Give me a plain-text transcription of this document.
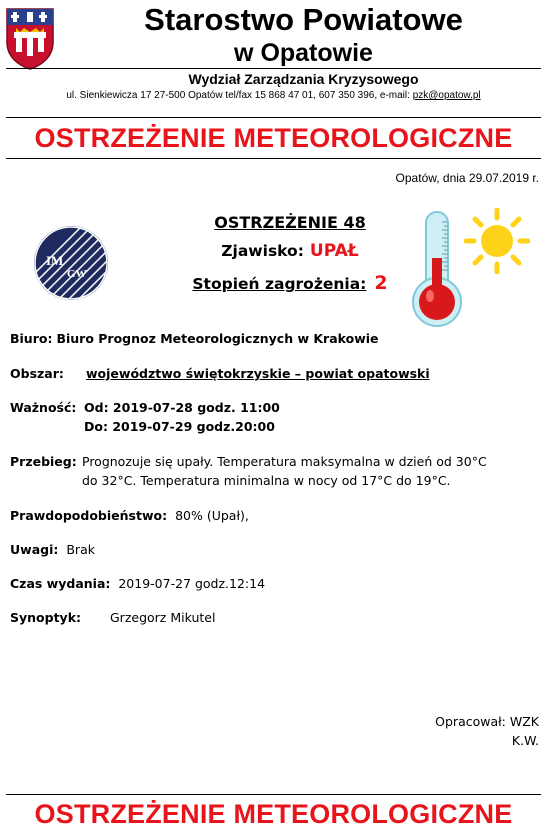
Starostwo Powiatowe
w Opatowie
Wydział Zarządzania Kryzysowego
ul. Sienkiewicza 17 27-500 Opatów tel/fax 15 868 47 01, 607 350 396, e-mail: pzk@opatow.pl
OSTRZEŻENIE METEOROLOGICZNE
Opatów, dnia 29.07.2019 r.
IM
GW
OSTRZEŻENIE 48
Zjawisko: UPAŁ
Stopień zagrożenia: 2
Biuro: Biuro Prognoz Meteorologicznych w Krakowie
Obszar: województwo świętokrzyskie – powiat opatowski
Ważność: Od: 2019-07-28 godz. 11:00
Do: 2019-07-29 godz.20:00
Przebieg: Prognozuje się upały. Temperatura maksymalna w dzień od 30°C
do 32°C. Temperatura minimalna w nocy od 17°C do 19°C.
Prawdopodobieństwo: 80% (Upał),
Uwagi: Brak
Czas wydania: 2019-07-27 godz.12:14
Synoptyk: Grzegorz Mikutel
Opracował: WZK
K.W.
OSTRZEŻENIE METEOROLOGICZNE
